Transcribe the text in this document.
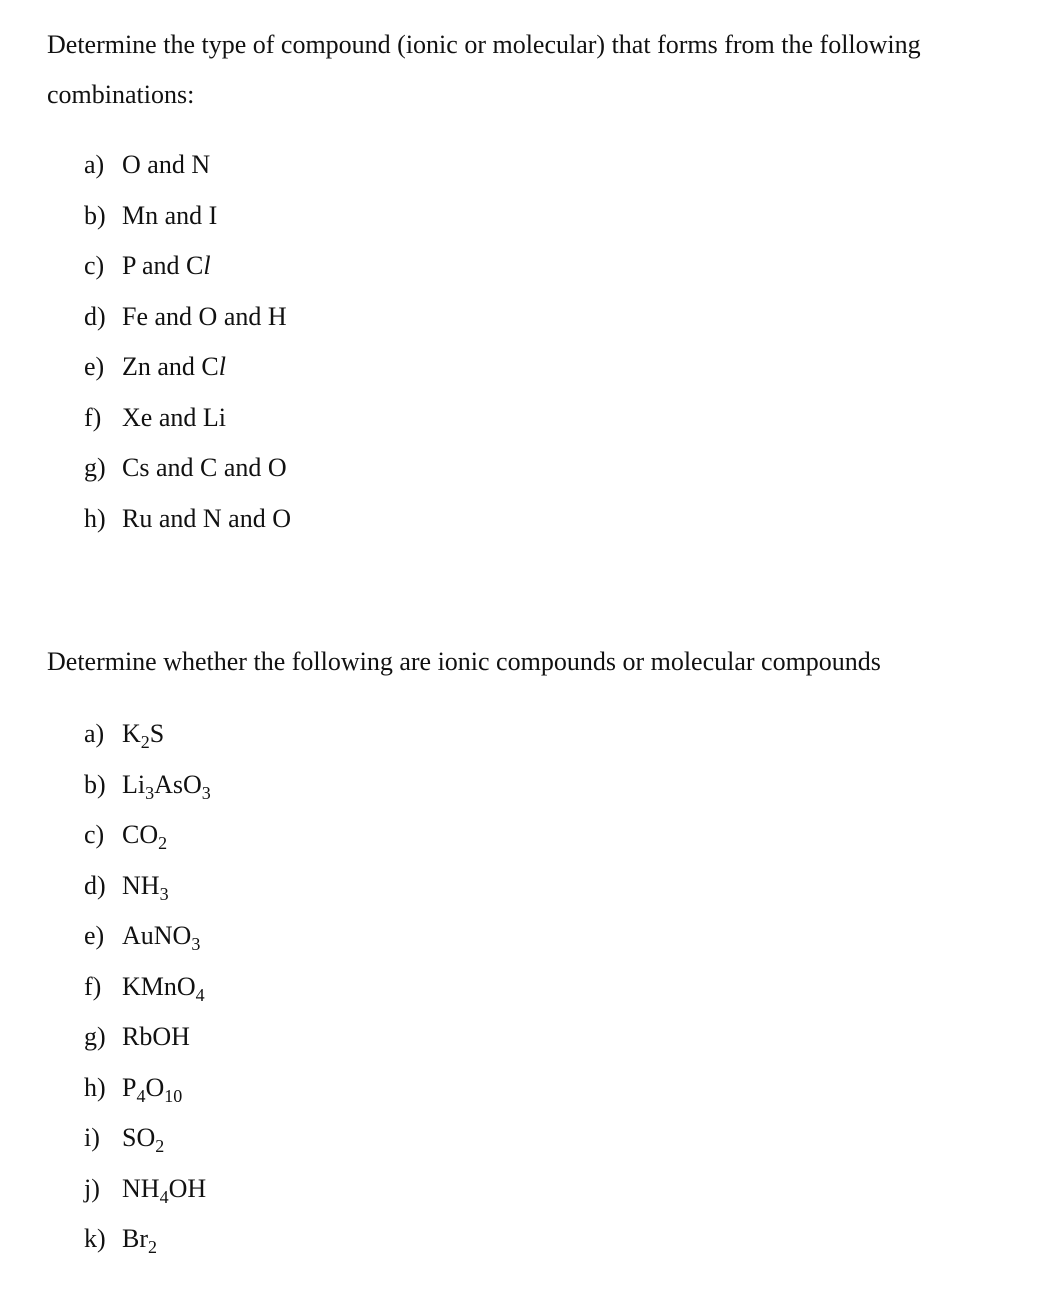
Determine the type of compound (ionic or molecular) that forms from the following combinations:
a) O and N
b) Mn and I
c) P and Cl
d) Fe and O and H
e) Zn and Cl
f) Xe and Li
g) Cs and C and O
h) Ru and N and O
Determine whether the following are ionic compounds or molecular compounds
a) $K_2S$
b) $Li_3AsO_3$
c) $CO_2$
d) $NH_3$
e) AuNO$_3$
f) KMnO$_4$
g) RbOH
h) $P_4O_{10}$
i) $SO_2$
j) $NH_4OH$
k) $Br_2$
